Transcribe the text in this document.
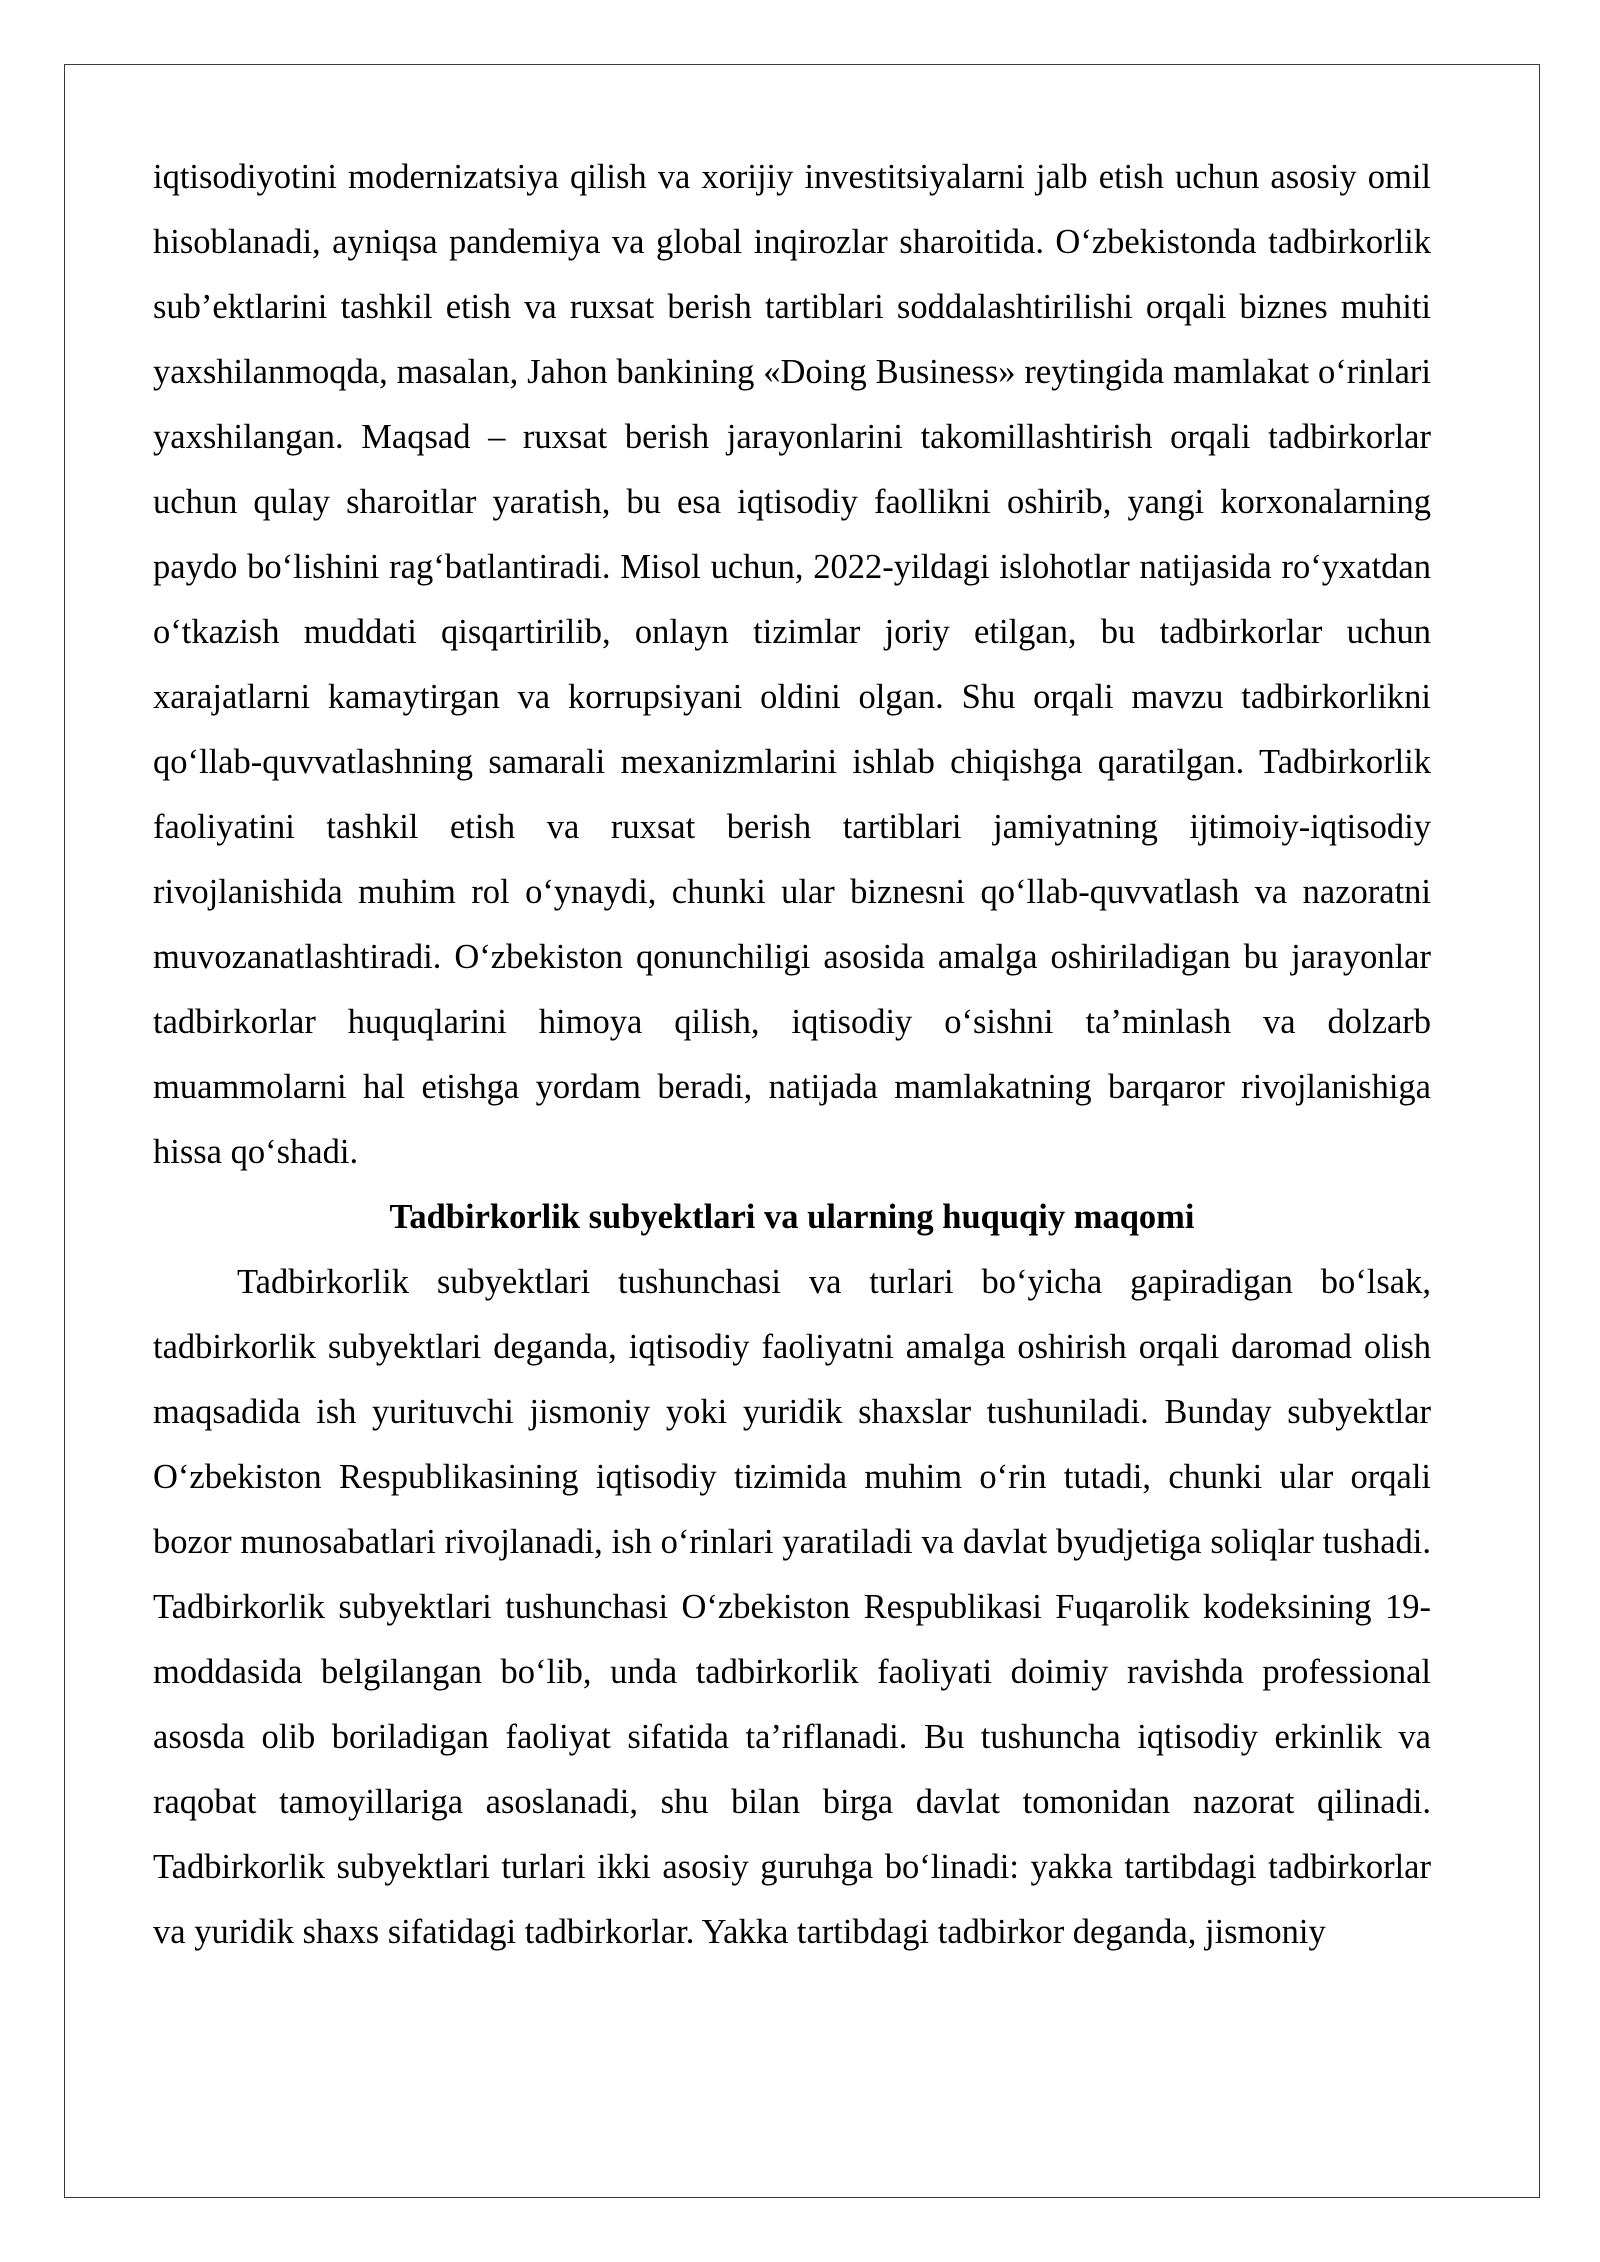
iqtisodiyotini modernizatsiya qilish va xorijiy investitsiyalarni jalb etish uchun asosiy omil hisoblanadi, ayniqsa pandemiya va global inqirozlar sharoitida. O‘zbekistonda tadbirkorlik sub’ektlarini tashkil etish va ruxsat berish tartiblari soddalashtirilishi orqali biznes muhiti yaxshilanmoqda, masalan, Jahon bankining «Doing Business» reytingida mamlakat o‘rinlari yaxshilangan. Maqsad – ruxsat berish jarayonlarini takomillashtirish orqali tadbirkorlar uchun qulay sharoitlar yaratish, bu esa iqtisodiy faollikni oshirib, yangi korxonalarning paydo bo‘lishini rag‘batlantiradi. Misol uchun, 2022-yildagi islohotlar natijasida ro‘yxatdan o‘tkazish muddati qisqartirilib, onlayn tizimlar joriy etilgan, bu tadbirkorlar uchun xarajatlarni kamaytirgan va korrupsiyani oldini olgan. Shu orqali mavzu tadbirkorlikni qo‘llab-quvvatlashning samarali mexanizmlarini ishlab chiqishga qaratilgan. Tadbirkorlik faoliyatini tashkil etish va ruxsat berish tartiblari jamiyatning ijtimoiy-iqtisodiy rivojlanishida muhim rol o‘ynaydi, chunki ular biznesni qo‘llab-quvvatlash va nazoratni muvozanatlashtiradi. O‘zbekiston qonunchiligi asosida amalga oshiriladigan bu jarayonlar tadbirkorlar huquqlarini himoya qilish, iqtisodiy o‘sishni ta’minlash va dolzarb muammolarni hal etishga yordam beradi, natijada mamlakatning barqaror rivojlanishiga hissa qo‘shadi.

Tadbirkorlik subyektlari va ularning huquqiy maqomi

Tadbirkorlik subyektlari tushunchasi va turlari bo‘yicha gapiradigan bo‘lsak, tadbirkorlik subyektlari deganda, iqtisodiy faoliyatni amalga oshirish orqali daromad olish maqsadida ish yurituvchi jismoniy yoki yuridik shaxslar tushuniladi. Bunday subyektlar O‘zbekiston Respublikasining iqtisodiy tizimida muhim o‘rin tutadi, chunki ular orqali bozor munosabatlari rivojlanadi, ish o‘rinlari yaratiladi va davlat byudjetiga soliqlar tushadi. Tadbirkorlik subyektlari tushunchasi O‘zbekiston Respublikasi Fuqarolik kodeksining 19-moddasida belgilangan bo‘lib, unda tadbirkorlik faoliyati doimiy ravishda professional asosda olib boriladigan faoliyat sifatida ta’riflanadi. Bu tushuncha iqtisodiy erkinlik va raqobat tamoyillariga asoslanadi, shu bilan birga davlat tomonidan nazorat qilinadi. Tadbirkorlik subyektlari turlari ikki asosiy guruhga bo‘linadi: yakka tartibdagi tadbirkorlar va yuridik shaxs sifatidagi tadbirkorlar. Yakka tartibdagi tadbirkor deganda, jismoniy
